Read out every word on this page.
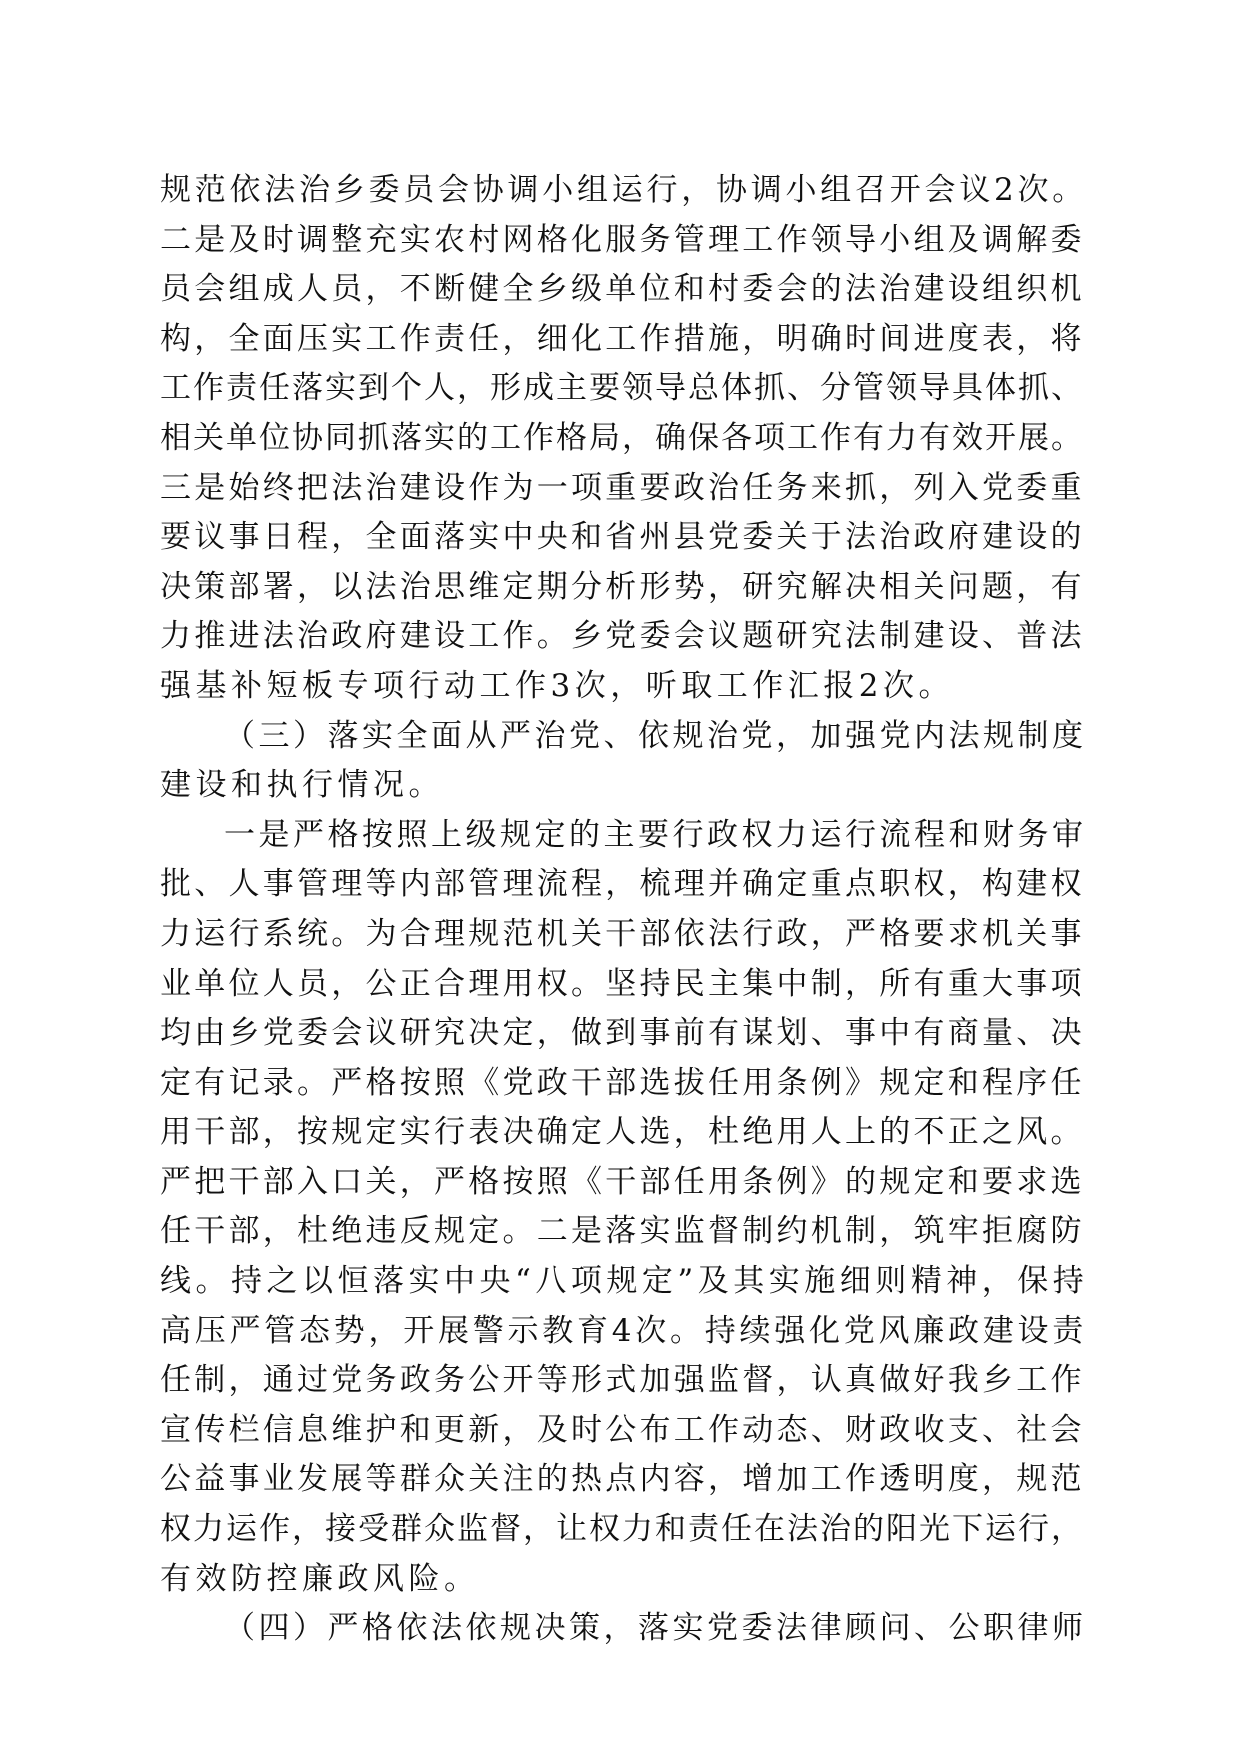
规范依法治乡委员会协调小组运行，协调小组召开会议2次。
二是及时调整充实农村网格化服务管理工作领导小组及调解委
员会组成人员，不断健全乡级单位和村委会的法治建设组织机
构，全面压实工作责任，细化工作措施，明确时间进度表，将
工作责任落实到个人，形成主要领导总体抓、分管领导具体抓、
相关单位协同抓落实的工作格局，确保各项工作有力有效开展。
三是始终把法治建设作为一项重要政治任务来抓，列入党委重
要议事日程，全面落实中央和省州县党委关于法治政府建设的
决策部署，以法治思维定期分析形势，研究解决相关问题，有
力推进法治政府建设工作。乡党委会议题研究法制建设、普法
强基补短板专项行动工作3次，听取工作汇报2次。
（三）落实全面从严治党、依规治党，加强党内法规制度
建设和执行情况。
一是严格按照上级规定的主要行政权力运行流程和财务审
批、人事管理等内部管理流程，梳理并确定重点职权，构建权
力运行系统。为合理规范机关干部依法行政，严格要求机关事
业单位人员，公正合理用权。坚持民主集中制，所有重大事项
均由乡党委会议研究决定，做到事前有谋划、事中有商量、决
定有记录。严格按照《党政干部选拔任用条例》规定和程序任
用干部，按规定实行表决确定人选，杜绝用人上的不正之风。
严把干部入口关，严格按照《干部任用条例》的规定和要求选
任干部，杜绝违反规定。二是落实监督制约机制，筑牢拒腐防
线。持之以恒落实中央“八项规定”及其实施细则精神，保持
高压严管态势，开展警示教育4次。持续强化党风廉政建设责
任制，通过党务政务公开等形式加强监督，认真做好我乡工作
宣传栏信息维护和更新，及时公布工作动态、财政收支、社会
公益事业发展等群众关注的热点内容，增加工作透明度，规范
权力运作，接受群众监督，让权力和责任在法治的阳光下运行，
有效防控廉政风险。
（四）严格依法依规决策，落实党委法律顾问、公职律师
